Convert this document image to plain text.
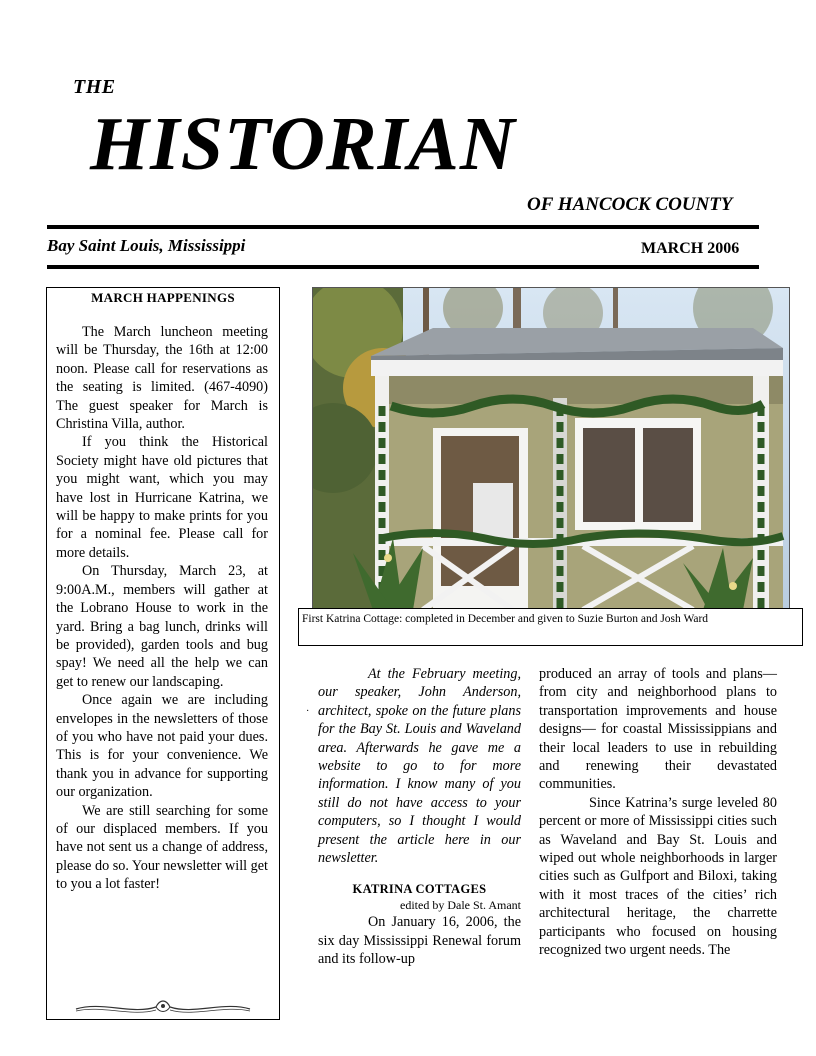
THE
HISTORIAN
OF HANCOCK COUNTY
Bay Saint Louis, Mississippi	MARCH 2006
MARCH HAPPENINGS

The March luncheon meeting will be Thursday, the 16th at 12:00 noon. Please call for reservations as the seating is limited. (467-4090) The guest speaker for March is Christina Villa, author.

If you think the Historical Society might have old pictures that you might want, which you may have lost in Hurricane Katrina, we will be happy to make prints for you for a nominal fee. Please call for more details.

On Thursday, March 23, at 9:00A.M., members will gather at the Lobrano House to work in the yard. Bring a bag lunch, drinks will be provided), garden tools and bug spay! We need all the help we can get to renew our landscaping.

Once again we are including envelopes in the newsletters of those of you who have not paid your dues. This is for your convenience. We thank you in advance for supporting our organization.

We are still searching for some of our displaced members. If you have not sent us a change of address, please do so. Your newsletter will get to you a lot faster!

First Katrina Cottage: completed in December and given to Suzie Burton and Josh Ward
·

At the February meeting, our speaker, John Anderson, architect, spoke on the future plans for the Bay St. Louis and Waveland area. Afterwards he gave me a website to go to for more information. I know many of you still do not have access to your computers, so I thought I would present the article here in our newsletter.

KATRINA COTTAGES

edited by Dale St. Amant

On January 16, 2006, the six day Mississippi Renewal forum and its follow-up

produced an array of tools and plans—from city and neighborhood plans to transportation improvements and house designs— for coastal Mississippians and their local leaders to use in rebuilding and renewing their devastated communities.

Since Katrina’s surge leveled 80 percent or more of Mississippi cities such as Waveland and Bay St. Louis and wiped out whole neighborhoods in larger cities such as Gulfport and Biloxi, taking with it most traces of the cities’ rich architectural heritage, the charrette participants who focused on housing recognized two urgent needs. The
